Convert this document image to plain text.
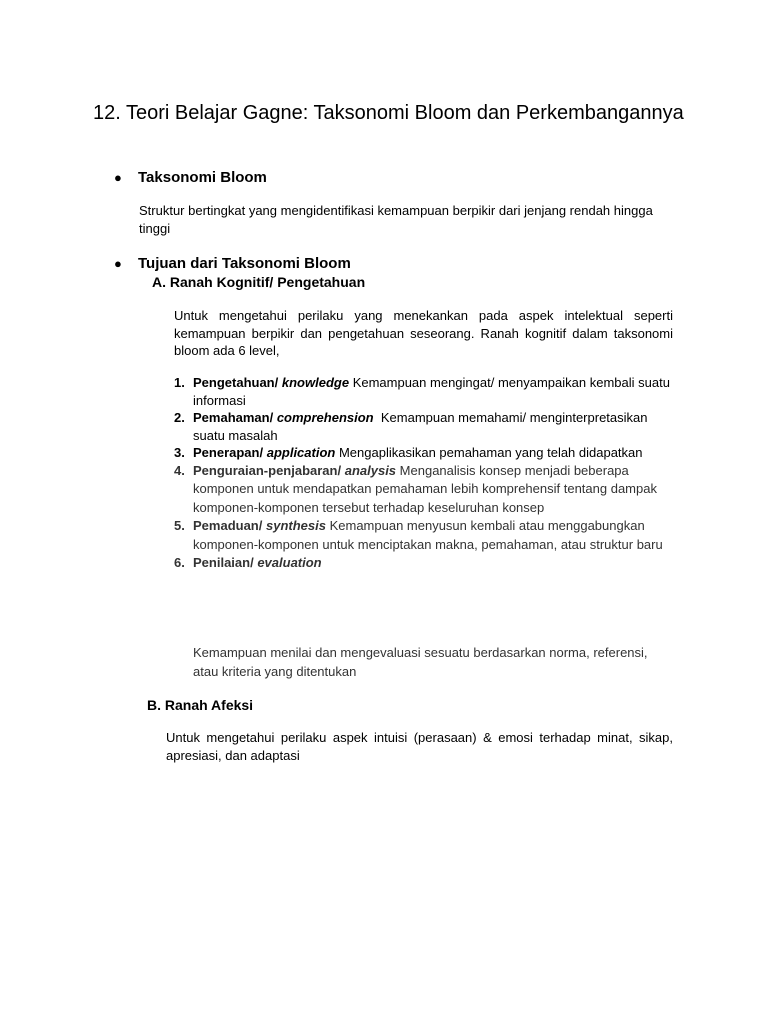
12. Teori Belajar Gagne: Taksonomi Bloom dan Perkembangannya
● Taksonomi Bloom
Struktur bertingkat yang mengidentifikasi kemampuan berpikir dari jenjang rendah hingga tinggi
● Tujuan dari Taksonomi Bloom
A. Ranah Kognitif/ Pengetahuan
Untuk mengetahui perilaku yang menekankan pada aspek intelektual seperti kemampuan berpikir dan pengetahuan seseorang. Ranah kognitif dalam taksonomi bloom ada 6 level,
1. Pengetahuan/ knowledge Kemampuan mengingat/ menyampaikan kembali suatu informasi
2. Pemahaman/ comprehension Kemampuan memahami/ menginterpretasikan suatu masalah
3. Penerapan/ application Mengaplikasikan pemahaman yang telah didapatkan
4. Penguraian-penjabaran/ analysis Menganalisis konsep menjadi beberapa komponen untuk mendapatkan pemahaman lebih komprehensif tentang dampak komponen-komponen tersebut terhadap keseluruhan konsep
5. Pemaduan/ synthesis Kemampuan menyusun kembali atau menggabungkan komponen-komponen untuk menciptakan makna, pemahaman, atau struktur baru
6. Penilaian/ evaluation
Kemampuan menilai dan mengevaluasi sesuatu berdasarkan norma, referensi, atau kriteria yang ditentukan
B. Ranah Afeksi
Untuk mengetahui perilaku aspek intuisi (perasaan) & emosi terhadap minat, sikap, apresiasi, dan adaptasi
